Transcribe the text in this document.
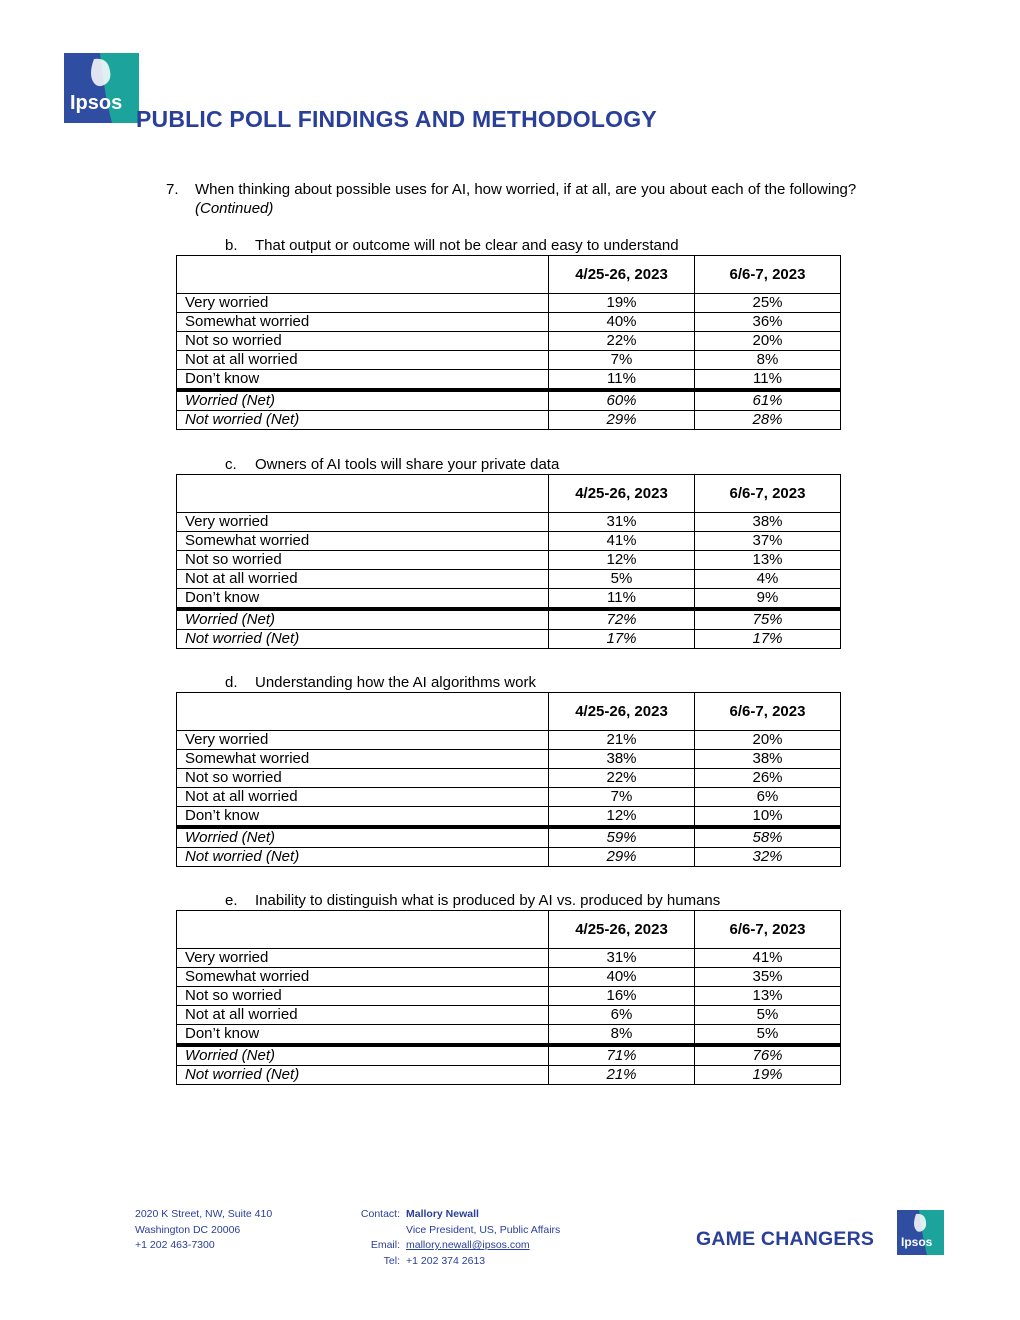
Ipsos
PUBLIC POLL FINDINGS AND METHODOLOGY
7. When thinking about possible uses for AI, how worried, if at all, are you about each of the following?  (Continued)
b. That output or outcome will not be clear and easy to understand
	4/25-26, 2023	6/6-7, 2023
Very worried	19%	25%
Somewhat worried	40%	36%
Not so worried	22%	20%
Not at all worried	7%	8%
Don’t know	11%	11%
Worried (Net)	60%	61%
Not worried (Net)	29%	28%
c. Owners of AI tools will share your private data
	4/25-26, 2023	6/6-7, 2023
Very worried	31%	38%
Somewhat worried	41%	37%
Not so worried	12%	13%
Not at all worried	5%	4%
Don’t know	11%	9%
Worried (Net)	72%	75%
Not worried (Net)	17%	17%
d. Understanding how the AI algorithms work
	4/25-26, 2023	6/6-7, 2023
Very worried	21%	20%
Somewhat worried	38%	38%
Not so worried	22%	26%
Not at all worried	7%	6%
Don’t know	12%	10%
Worried (Net)	59%	58%
Not worried (Net)	29%	32%
e. Inability to distinguish what is produced by AI vs. produced by humans
	4/25-26, 2023	6/6-7, 2023
Very worried	31%	41%
Somewhat worried	40%	35%
Not so worried	16%	13%
Not at all worried	6%	5%
Don’t know	8%	5%
Worried (Net)	71%	76%
Not worried (Net)	21%	19%
2020 K Street, NW, Suite 410
Washington DC 20006
+1 202 463-7300
Contact: Mallory Newall
Vice President, US, Public Affairs
Email: mallory.newall@ipsos.com
Tel: +1 202 374 2613
GAME CHANGERS Ipsos
